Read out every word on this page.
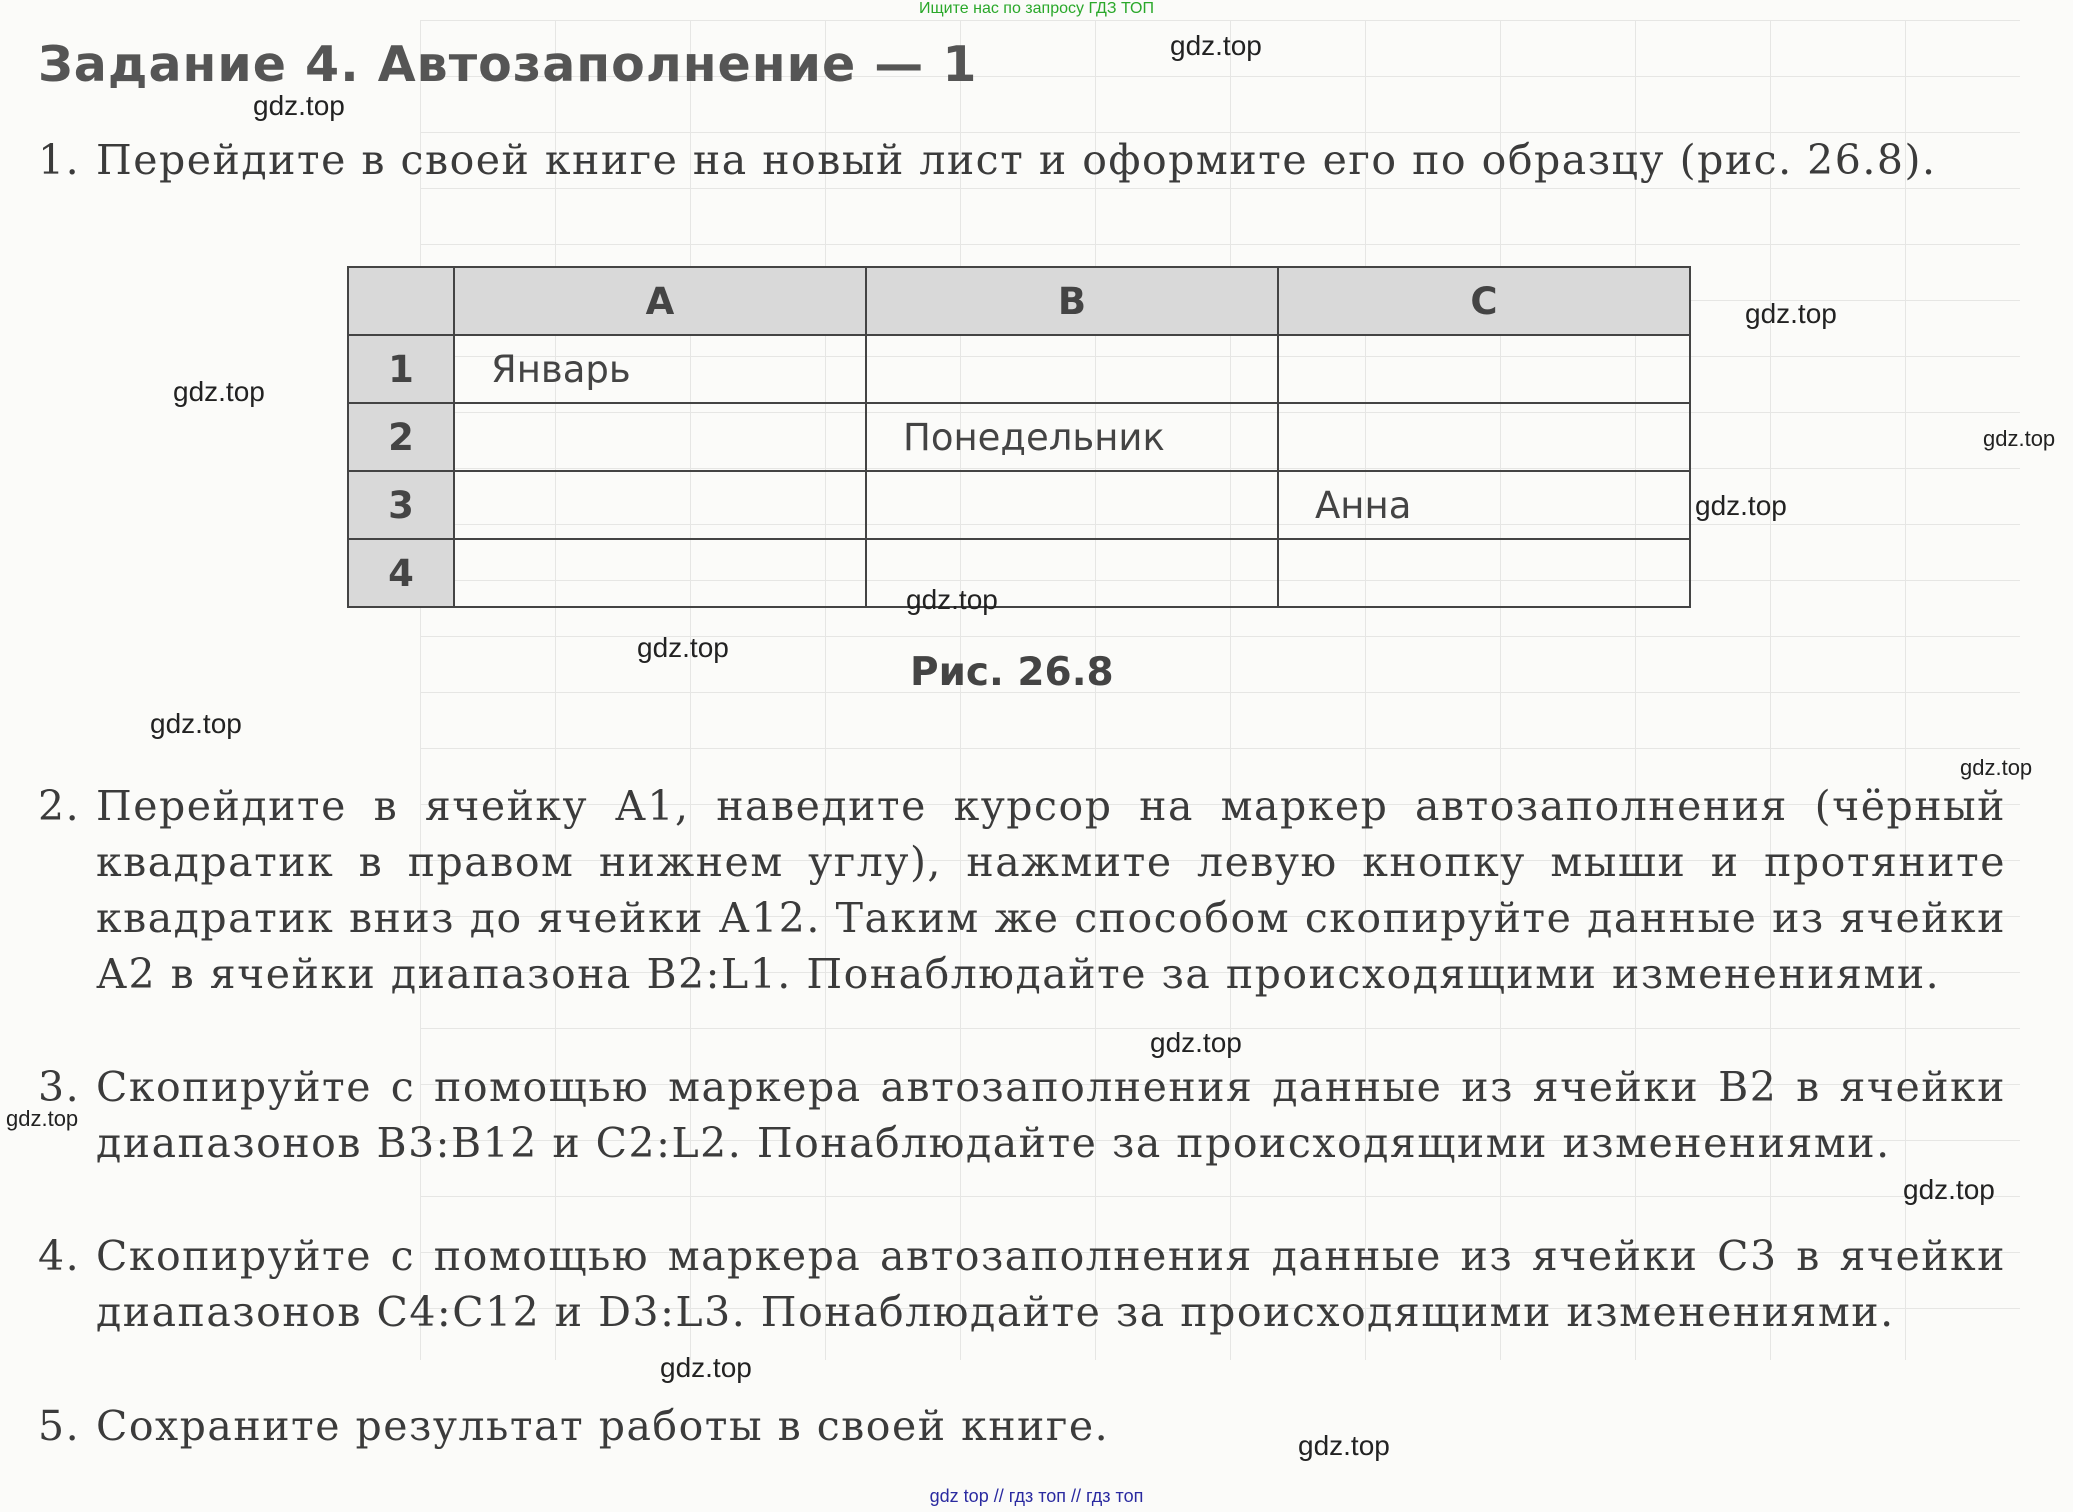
Ищите нас по запросу ГДЗ ТОП
Задание 4. Автозаполнение — 1
1. Перейдите в своей книге на новый лист и оформите его по образцу (рис. 26.8).
	A	B	C
1	Январь		
2		Понедельник	
3			Анна
4			
Рис. 26.8
2. Перейдите в ячейку А1, наведите курсор на маркер автозаполнения (чёрный квадратик в правом нижнем углу), нажмите левую кнопку мыши и протяните квадратик вниз до ячейки А12. Таким же способом скопируйте данные из ячейки А2 в ячейки диапазона В2:L1. Понаблюдайте за происходящими изменениями.
3. Скопируйте с помощью маркера автозаполнения данные из ячейки В2 в ячейки диапазонов В3:В12 и С2:L2. Понаблюдайте за происходящими изменениями.
4. Скопируйте с помощью маркера автозаполнения данные из ячейки С3 в ячейки диапазонов С4:С12 и D3:L3. Понаблюдайте за происходящими изменениями.
5. Сохраните результат работы в своей книге.
gdz.top
gdz.top
gdz.top
gdz.top
gdz.top
gdz.top
gdz.top
gdz.top
gdz.top
gdz.top
gdz.top
gdz.top
gdz.top
gdz.top
gdz.top
gdz top // гдз топ // гдз топ
